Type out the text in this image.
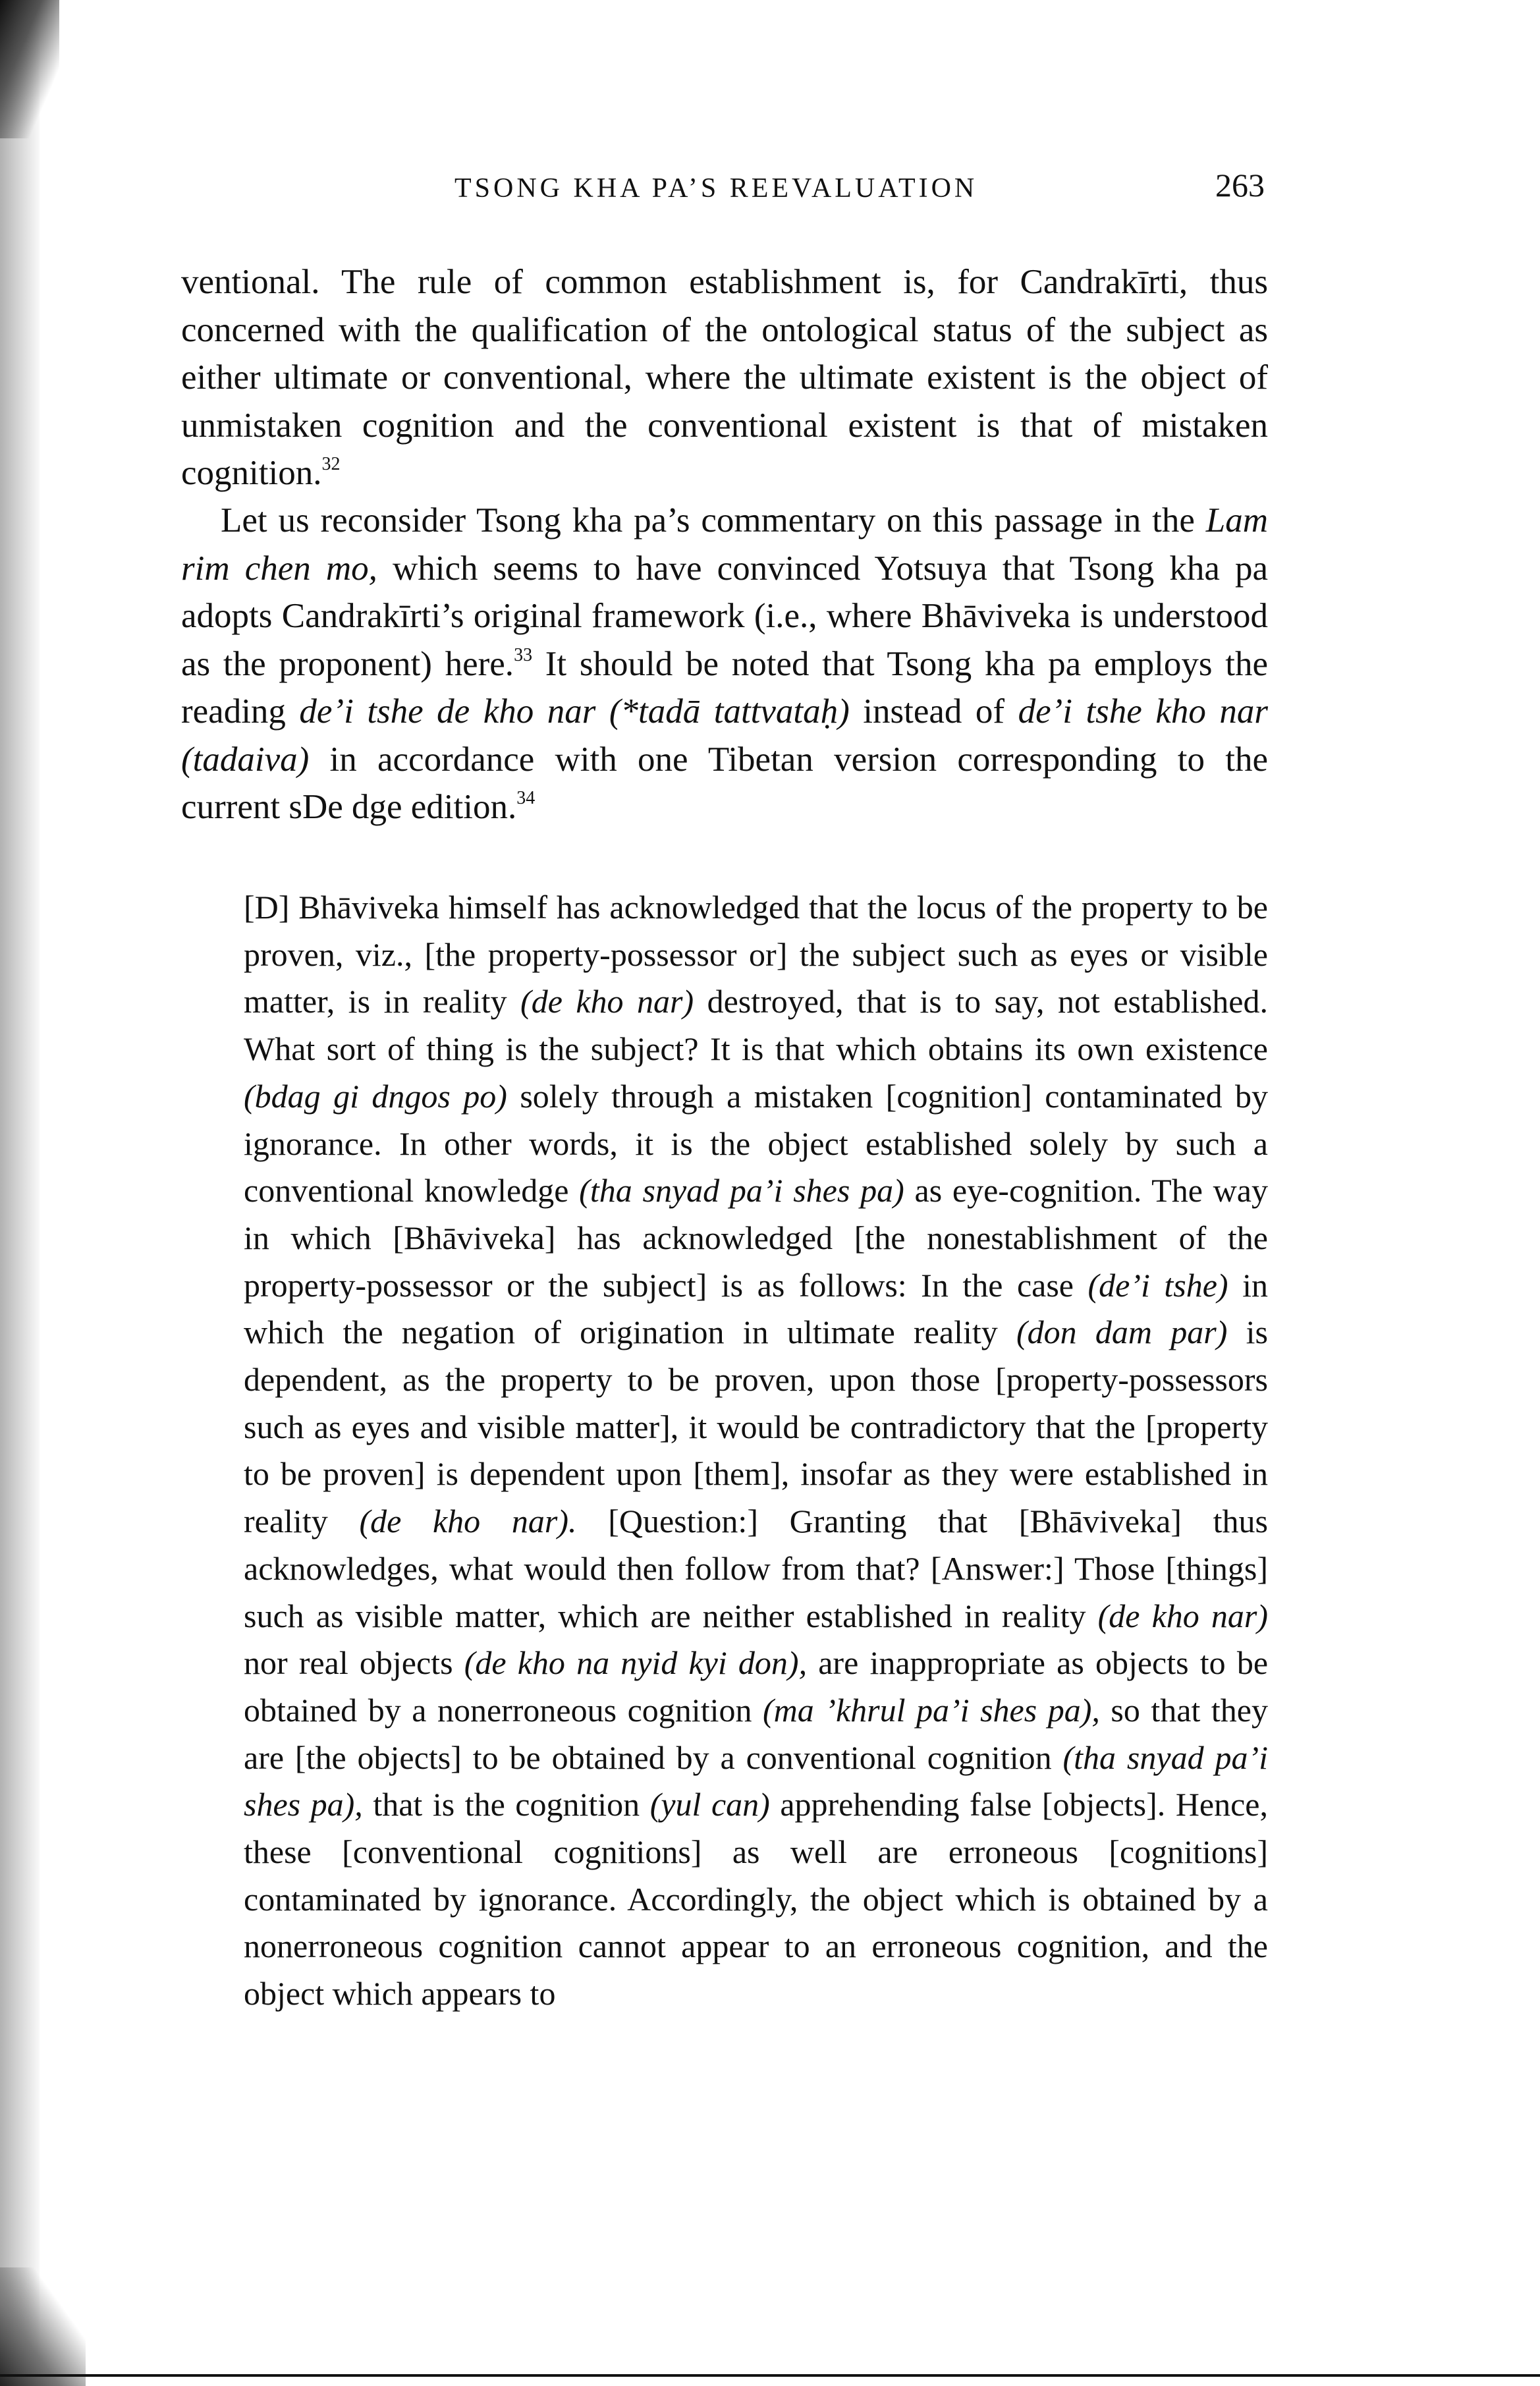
TSONG KHA PA’S REEVALUATION	263

ventional. The rule of common establishment is, for Candrakīrti, thus concerned with the qualification of the ontological status of the subject as either ultimate or conventional, where the ultimate existent is the object of unmistaken cognition and the conventional existent is that of mistaken cognition.$^{32}$

Let us reconsider Tsong kha pa’s commentary on this passage in the Lam rim chen mo, which seems to have convinced Yotsuya that Tsong kha pa adopts Candrakīrti’s original framework (i.e., where Bhāviveka is understood as the proponent) here.$^{33}$ It should be noted that Tsong kha pa employs the reading de’i tshe de kho nar (*tadā tattvataḥ) instead of de’i tshe kho nar (tadaiva) in accordance with one Tibetan version corresponding to the current sDe dge edition.$^{34}$

[D] Bhāviveka himself has acknowledged that the locus of the property to be proven, viz., [the property-possessor or] the subject such as eyes or visible matter, is in reality (de kho nar) destroyed, that is to say, not established. What sort of thing is the subject? It is that which obtains its own existence (bdag gi dngos po) solely through a mistaken [cognition] contaminated by ignorance. In other words, it is the object established solely by such a conventional knowledge (tha snyad pa’i shes pa) as eye-cognition. The way in which [Bhāviveka] has acknowledged [the nonestablishment of the property-possessor or the subject] is as follows: In the case (de’i tshe) in which the negation of origination in ultimate reality (don dam par) is dependent, as the property to be proven, upon those [property-possessors such as eyes and visible matter], it would be contradictory that the [property to be proven] is dependent upon [them], insofar as they were established in reality (de kho nar). [Question:] Granting that [Bhāviveka] thus acknowledges, what would then follow from that? [Answer:] Those [things] such as visible matter, which are neither established in reality (de kho nar) nor real objects (de kho na nyid kyi don), are inappropriate as objects to be obtained by a nonerroneous cognition (ma ’khrul pa’i shes pa), so that they are [the objects] to be obtained by a conventional cognition (tha snyad pa’i shes pa), that is the cognition (yul can) apprehending false [objects]. Hence, these [conventional cognitions] as well are erroneous [cognitions] contaminated by ignorance. Accordingly, the object which is obtained by a nonerroneous cognition cannot appear to an erroneous cognition, and the object which appears to
